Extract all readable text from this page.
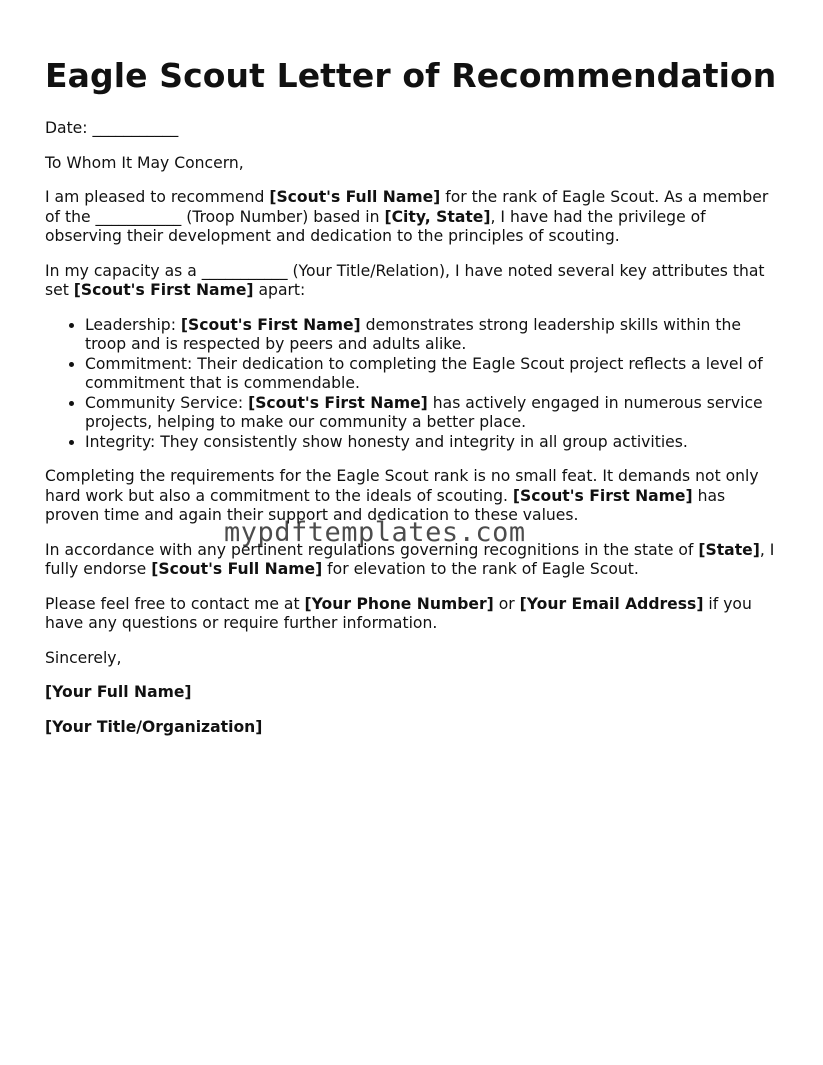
Eagle Scout Letter of Recommendation

Date: ___________

To Whom It May Concern,

I am pleased to recommend [Scout's Full Name] for the rank of Eagle Scout. As a member of the ___________ (Troop Number) based in [City, State], I have had the privilege of observing their development and dedication to the principles of scouting.

In my capacity as a ___________ (Your Title/Relation), I have noted several key attributes that set [Scout's First Name] apart:

• Leadership: [Scout's First Name] demonstrates strong leadership skills within the troop and is respected by peers and adults alike.
• Commitment: Their dedication to completing the Eagle Scout project reflects a level of commitment that is commendable.
• Community Service: [Scout's First Name] has actively engaged in numerous service projects, helping to make our community a better place.
• Integrity: They consistently show honesty and integrity in all group activities.

Completing the requirements for the Eagle Scout rank is no small feat. It demands not only hard work but also a commitment to the ideals of scouting. [Scout's First Name] has proven time and again their support and dedication to these values.

In accordance with any pertinent regulations governing recognitions in the state of [State], I fully endorse [Scout's Full Name] for elevation to the rank of Eagle Scout.

Please feel free to contact me at [Your Phone Number] or [Your Email Address] if you have any questions or require further information.

Sincerely,

[Your Full Name]

[Your Title/Organization]

mypdftemplates.com
